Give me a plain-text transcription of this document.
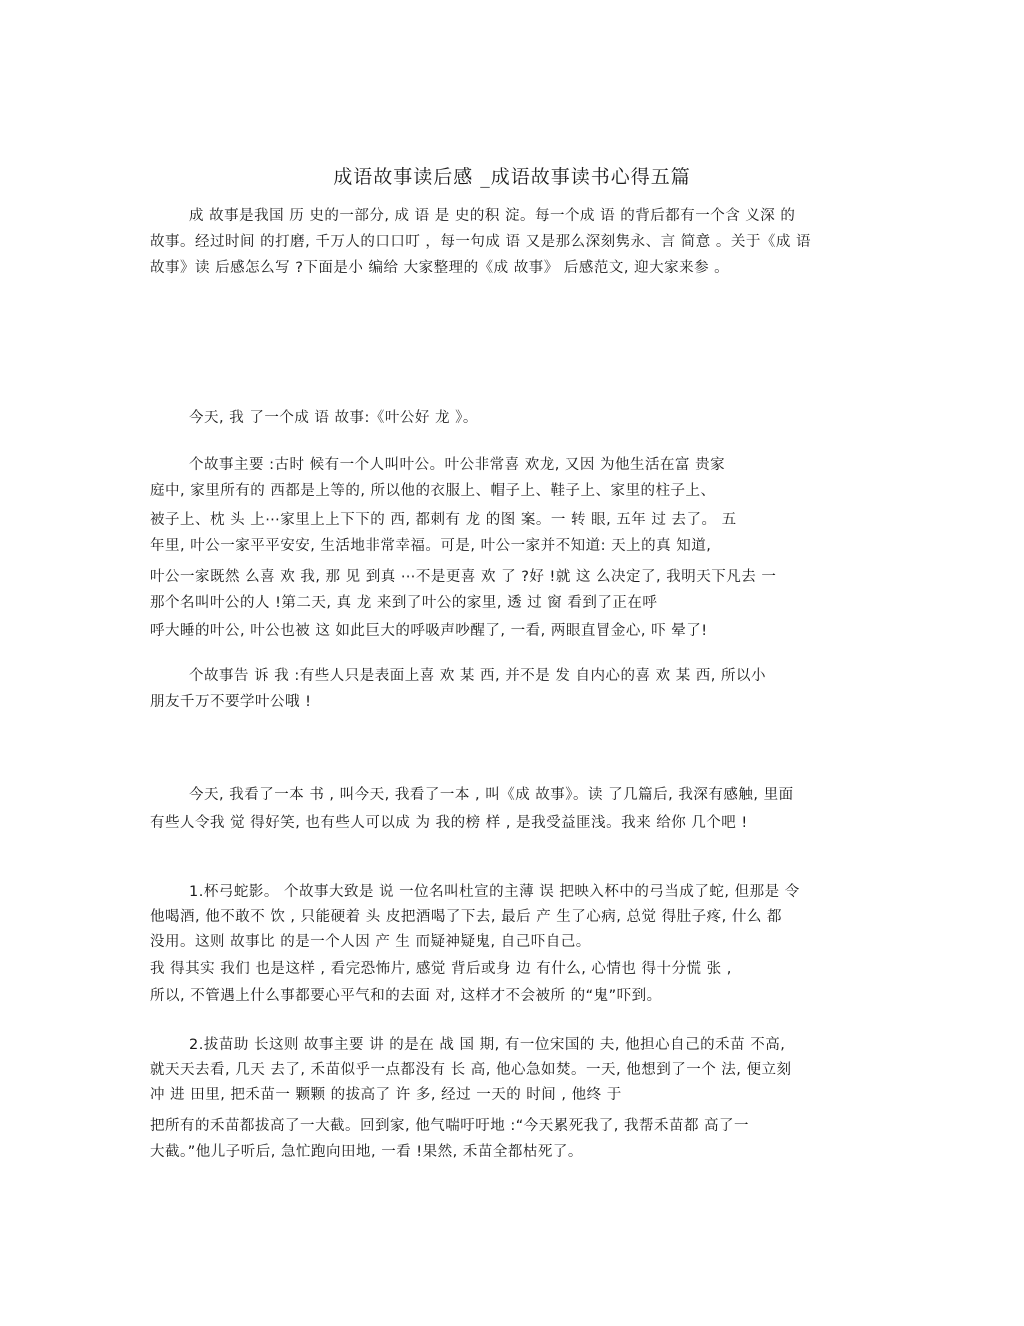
成语故事读后感 _成语故事读书心得五篇
成 故事是我国 历 史的一部分, 成 语 是 史的积 淀。每一个成 语 的背后都有一个含 义深 的
故事。经过时间 的打磨, 千万人的口口叮 ，每一句成 语 又是那么深刻隽永、言 简意 。关于《成 语
故事》读 后感怎么写 ?下面是小 编给 大家整理的《成 故事》 后感范文, 迎大家来参 。
今天, 我 了一个成 语 故事:《叶公好 龙 》。
个故事主要 :古时 候有一个人叫叶公。叶公非常喜 欢龙, 又因 为他生活在富 贵家
庭中, 家里所有的 西都是上等的, 所以他的衣服上、帽子上、鞋子上、家里的柱子上、
被子上、枕 头 上⋯家里上上下下的 西, 都刺有 龙 的图 案。一 转 眼, 五年 过 去了。 五
年里, 叶公一家平平安安, 生活地非常幸福。可是, 叶公一家并不知道: 天上的真 知道,
叶公一家既然 么喜 欢 我, 那 见 到真 ⋯不是更喜 欢 了 ?好 !就 这 么决定了, 我明天下凡去 一
那个名叫叶公的人 !第二天, 真 龙 来到了叶公的家里, 透 过 窗 看到了正在呼
呼大睡的叶公, 叶公也被 这 如此巨大的呼吸声吵醒了, 一看, 两眼直冒金心, 吓 晕了!
个故事告 诉 我 :有些人只是表面上喜 欢 某 西, 并不是 发 自内心的喜 欢 某 西, 所以小
朋友千万不要学叶公哦 !
今天, 我看了一本 书 , 叫今天, 我看了一本 , 叫《成 故事》。读 了几篇后, 我深有感触, 里面
有些人令我 觉 得好笑, 也有些人可以成 为 我的榜 样 , 是我受益匪浅。我来 给你 几个吧 !
1.杯弓蛇影。 个故事大致是 说 一位名叫杜宣的主薄 误 把映入杯中的弓当成了蛇, 但那是 令
他喝酒, 他不敢不 饮 , 只能硬着 头 皮把酒喝了下去, 最后 产 生了心病, 总觉 得肚子疼, 什么 都
没用。这则 故事比 的是一个人因 产 生 而疑神疑鬼, 自己吓自己。
我 得其实 我们 也是这样 , 看完恐怖片, 感觉 背后或身 边 有什么, 心情也 得十分慌 张 ,
所以, 不管遇上什么事都要心平气和的去面 对, 这样才不会被所 的“鬼”吓到。
2.拔苗助 长这则 故事主要 讲 的是在 战 国 期, 有一位宋国的 夫, 他担心自己的禾苗 不高,
就天天去看, 几天 去了, 禾苗似乎一点都没有 长 高, 他心急如焚。一天, 他想到了一个 法, 便立刻
冲 进 田里, 把禾苗一 颗颗 的拔高了 许 多, 经过 一天的 时间 , 他终 于
把所有的禾苗都拔高了一大截。回到家, 他气喘吁吁地 :“今天累死我了, 我帮禾苗都 高了一
大截。”他儿子听后, 急忙跑向田地, 一看 !果然, 禾苗全都枯死了。
